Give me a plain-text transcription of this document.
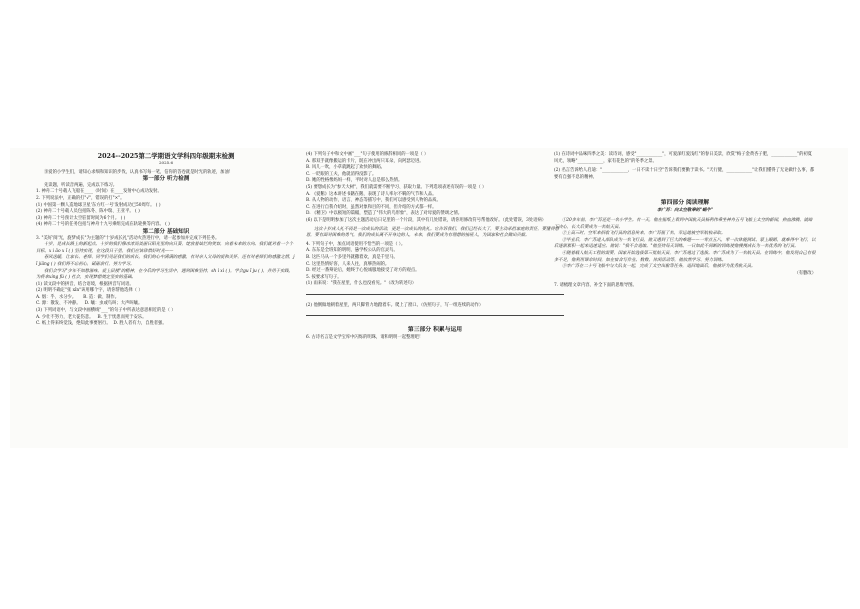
2024--2025第二学期语文学科四年级期末检测

2025.6

亲爱的小学生们，请知心求细和知识的步伐，认真书写每一笔，信你的答卷就是时光的轨迹，加油！

第一部分 听力检测

先读题，听读音两遍，完成以下练习。

1. 神舟二十号载人飞船在____（时间）在____发射中心成功发射。

2. 下列说法中，正确的打"√"，错误的打"×"。

(1) 中国第一颗人造地球卫星'东方红一号'发射成功已50周年。 ( )

(2) 神舟二十号载人员包括陈冬、陈中瑞、王亚平。 ( )

(3) 神舟二十号预计太空驻留时间为6个月。 ( )

(4) 神舟二十号的任务包括与神舟十九号乘组完成在轨轮换等内容。 ( )

第二部分 基础知识

3. "美好'阅'光，旋梦成长"为主题的"十岁成长礼"活动火热进行中，请一起参加并完成下列任务。

十岁，是成长路上的新起点。十岁的我们像冰凉而美丽日阳光里的向日葵，绽放着灿烂的笑容，向着未来的方向。我们就对着一个个目标，x i ǎo x ǐ ( ) 坚持实现，在这段日子里，我们应该珍惜好时光——

春风送暖，让家长、老师、同学们见证我们的成长，我们的心中满满的感激，有对亲人父母的爱和关怀，还有对老师们的感激之情，j ī jiǎng ( ) 我们将不忘初心，砥砺前行，努力学习。

我们会学习"少年不知愁滋味，爱上层楼"的精神，在今后的学习生活中，遇到困难坚持，sh ì xì ( )，学会gu ī ju ( )，并用于实践，为将来xíng fú ( ) 社会，实现梦想奠定坚实的基础。

(1) 读文段中的拼音，结合语境，根据拼音写词语。

(2) 明明不确定"张 xǐn"该用哪个字，请你帮他选择（ ）

A. 烟：乎、水分少。 B. 造：做、制作。

C. 源：散发、不冲静。 D. 嚷：虫或鸟叫；大声叫嚷。

(3) 下列词语中，与文段中画横线"___"的句子中所表达意思相近的是（ ）

A. 少壮不努力，老大徒伤悲。 B. 生于忧患而死于安乐。

C. 纸上得来终觉浅，绝知此事要躬行。 D. 胜人者有力，自胜者强。

(4) 下列句子中和文中画"___"句子使用的修辞相同的一项是（ ）

A. 那双手就像搬运的卡片，既在冲出两只耳朵，向阿瑟迈进。

B. 风儿一吹，小草就跳起了欢快的舞蹈。

C. 一眨眼的工夫，他就消得没影了。

D. 她的性格像妈妈一样，平时对人总是那么热情。

(5) 要想成长为"参天大树"，我们就需要不断学习、获取力量。下列选项表述有误的一项是（ ）

A. 《爱鹅》这本讲述书籍在鹅，表现了诗人率尔不羁的气节和人品。

B. 从人物的动作、语言、神态等描写中，我们可以感受到人物的品质。

C. 在进行自我介绍时，虽然对象和目的不同，但介绍的方式都一样。

D. 《精卫》中以极短的篇幅，塑造了"伟大的鸟形象"，表达了对母爱的赞颂之情。

(6) 以下是明明参加了这次主题活动后日记里的一个片段，其中有几处错误，请你用修改符号帮他改好。（此处错误，3处语病）

这次十岁成人礼不再是一次成长的活动，更是一次成长的洗礼。它告诉我们，我们已经长大了，要主动承担家庭的责任，要懂得感恩，要有面对困难的勇气，我们的成长离不开身边的人，未来，我们要成为有理想的接班人，为国家和社会做出贡献。

4. 下列句子中，加点词语使用不恰当的一项是（ ）。

A. 东东是全班知的明明，悬学校公认的官灵鸟。

B. 这匹马从一个多里外就撒着欢，真是千里马。

C. 这里热情好客，人来人往，真够热闹的。

D. 经过一番辩论后，她终于心悦诚服地接受了对方的观点。

5. 按要求写句子。

(1) 雨来说："我在屋里，什么也没看见。"（改为转述句）

(2) 他倒做地朝着屋里，两只脚背力地蹬着车。爬上了窗口。（仿照句子，写一组连续的动作）

第三部分 积累与运用

6. 古诗名言是文学宝库中闪烁的明珠，请和明明一起整理吧！

(1) 在诗词中品味四季之美：读诗词，感受"____________"，可爱深红爱浅红"的春日美景，欣赏"梅子金黄杏子肥，____________"的初夏风光，领略"____________，家有花色的"的冬季之景。

(2) 名言告诉给人启迪："____________，一日不读十日空"告诉我们要勤于读书。"天行健，____________"让我们懂得了无论做什么事，都要有自强不息的精神。

第四部分 阅读理解

李广苏：向太空敬奉的"蜗牛"

①20多年前，李广苏还是一名小学生。有一天，他在报纸上看到中国航天员杨利伟乘坐神舟五号飞船上太空的新闻，热血沸腾，就暗下决心，长大后要成为一名航天员。

②上高三时，空军来招收飞行员的消息传来，李广苏报了名，幸运地被空军航校录取。

③毕业后，李广苏进入部队成为一名飞行员，他又遇到了巨大的难题——一零点五八，零一次体能测试、蒙上眼睛，就难得中飞行，以后逐渐累积一起来迅速适应。他说："我不会退缩。"他坚持每天训练，一日如此不间断的训练使他慢慢成长为一名优秀的飞行员。

④随着载人航天工程的需要，国家开始选拔第三批航天员，李广苏通过了选拔。李广苏成为了一名航天员。在训练中，他发现自己有很多不足，他利用课余时间，如在宿舍写作业、数数、休闲活动等，他依然学习、努力训练。

⑤李广苏在二十号飞船中与大队友一起，完成了太空出舱等任务，返回地面后，他被评为优秀航天员。

（有删改）

7. 请梳理文章内容，补全下面的思维导图。
